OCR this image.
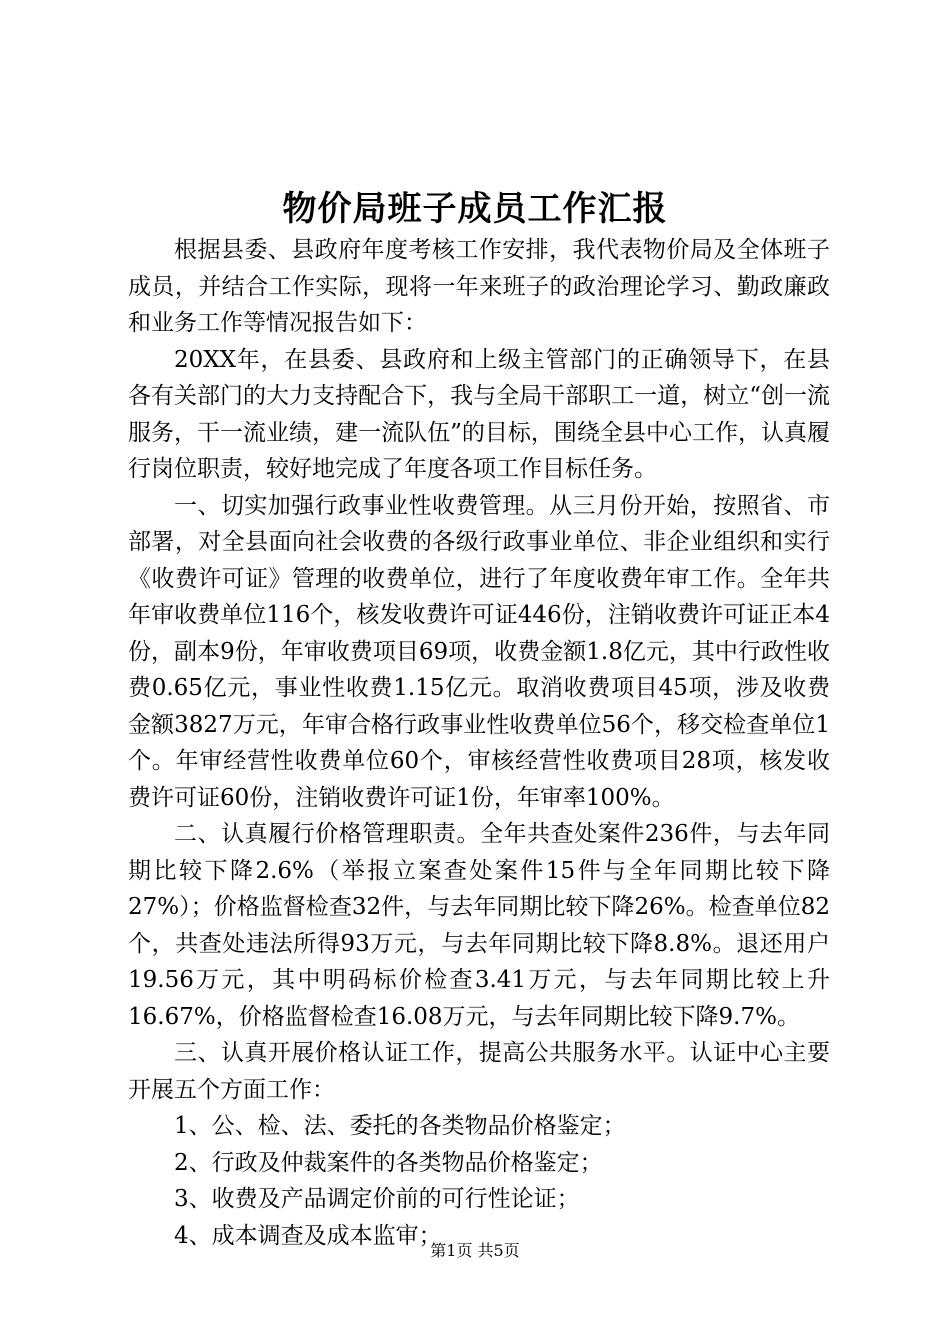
物价局班子成员工作汇报

根据县委、县政府年度考核工作安排，我代表物价局及全体班子成员，并结合工作实际，现将一年来班子的政治理论学习、勤政廉政和业务工作等情况报告如下：

20XX年，在县委、县政府和上级主管部门的正确领导下，在县各有关部门的大力支持配合下，我与全局干部职工一道，树立“创一流服务，干一流业绩，建一流队伍”的目标，围绕全县中心工作，认真履行岗位职责，较好地完成了年度各项工作目标任务。

一、切实加强行政事业性收费管理。从三月份开始，按照省、市部署，对全县面向社会收费的各级行政事业单位、非企业组织和实行《收费许可证》管理的收费单位，进行了年度收费年审工作。全年共年审收费单位116个，核发收费许可证446份，注销收费许可证正本4份，副本9份，年审收费项目69项，收费金额1.8亿元，其中行政性收费0.65亿元，事业性收费1.15亿元。取消收费项目45项，涉及收费金额3827万元，年审合格行政事业性收费单位56个，移交检查单位1个。年审经营性收费单位60个，审核经营性收费项目28项，核发收费许可证60份，注销收费许可证1份，年审率100%。

二、认真履行价格管理职责。全年共查处案件236件，与去年同期比较下降2.6%（举报立案查处案件15件与全年同期比较下降27%）；价格监督检查32件，与去年同期比较下降26%。检查单位82个，共查处违法所得93万元，与去年同期比较下降8.8%。退还用户19.56万元，其中明码标价检查3.41万元，与去年同期比较上升16.67%，价格监督检查16.08万元，与去年同期比较下降9.7%。

三、认真开展价格认证工作，提高公共服务水平。认证中心主要开展五个方面工作：

1、公、检、法、委托的各类物品价格鉴定；

2、行政及仲裁案件的各类物品价格鉴定；

3、收费及产品调定价前的可行性论证；

4、成本调查及成本监审；

第1页 共5页
